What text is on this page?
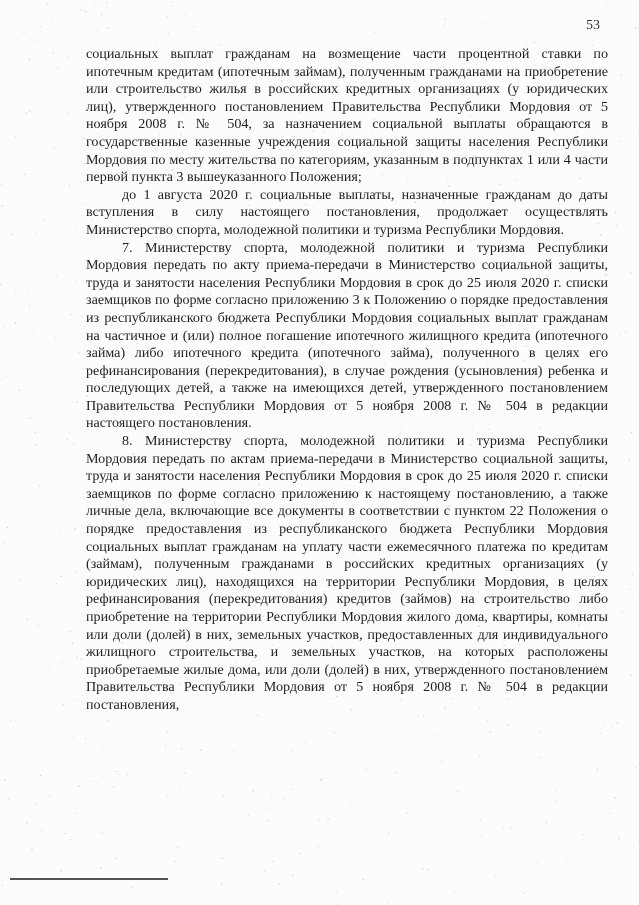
53

социальных выплат гражданам на возмещение части процентной ставки по ипотечным кредитам (ипотечным займам), полученным гражданами на приобретение или строительство жилья в российских кредитных организациях (у юридических лиц), утвержденного постановлением Правительства Республики Мордовия от 5 ноября 2008 г. № 504, за назначением социальной выплаты обращаются в государственные казенные учреждения социальной защиты населения Республики Мордовия по месту жительства по категориям, указанным в подпунктах 1 или 4 части первой пункта 3 вышеуказанного Положения;

до 1 августа 2020 г. социальные выплаты, назначенные гражданам до даты вступления в силу настоящего постановления, продолжает осуществлять Министерство спорта, молодежной политики и туризма Республики Мордовия.

7. Министерству спорта, молодежной политики и туризма Республики Мордовия передать по акту приема-передачи в Министерство социальной защиты, труда и занятости населения Республики Мордовия в срок до 25 июля 2020 г. списки заемщиков по форме согласно приложению 3 к Положению о порядке предоставления из республиканского бюджета Республики Мордовия социальных выплат гражданам на частичное и (или) полное погашение ипотечного жилищного кредита (ипотечного займа) либо ипотечного кредита (ипотечного займа), полученного в целях его рефинансирования (перекредитования), в случае рождения (усыновления) ребенка и последующих детей, а также на имеющихся детей, утвержденного постановлением Правительства Республики Мордовия от 5 ноября 2008 г. № 504 в редакции настоящего постановления.

8. Министерству спорта, молодежной политики и туризма Республики Мордовия передать по актам приема-передачи в Министерство социальной защиты, труда и занятости населения Республики Мордовия в срок до 25 июля 2020 г. списки заемщиков по форме согласно приложению к настоящему постановлению, а также личные дела, включающие все документы в соответствии с пунктом 22 Положения о порядке предоставления из республиканского бюджета Республики Мордовия социальных выплат гражданам на уплату части ежемесячного платежа по кредитам (займам), полученным гражданами в российских кредитных организациях (у юридических лиц), находящихся на территории Республики Мордовия, в целях рефинансирования (перекредитования) кредитов (займов) на строительство либо приобретение на территории Республики Мордовия жилого дома, квартиры, комнаты или доли (долей) в них, земельных участков, предоставленных для индивидуального жилищного строительства, и земельных участков, на которых расположены приобретаемые жилые дома, или доли (долей) в них, утвержденного постановлением Правительства Республики Мордовия от 5 ноября 2008 г. № 504 в редакции постановления,
